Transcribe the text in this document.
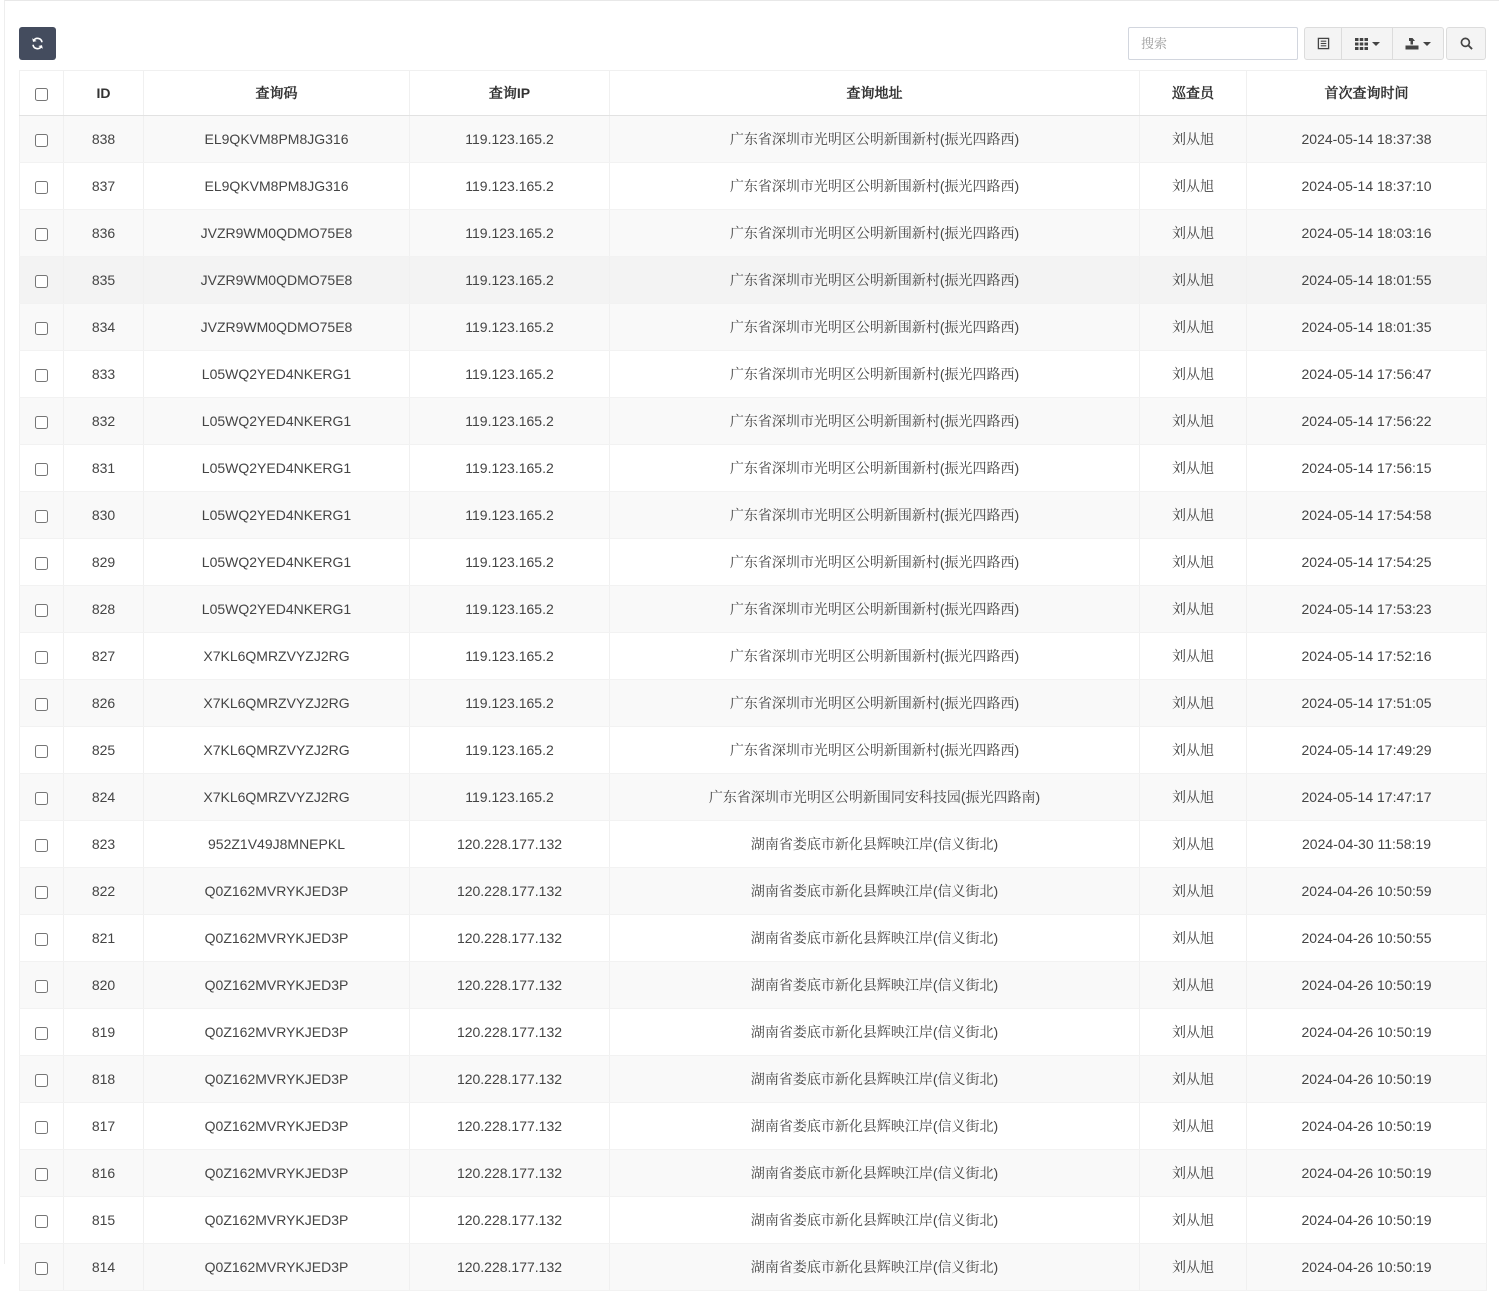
搜索
	ID	查询码	查询IP	查询地址	巡查员	首次查询时间
	838	EL9QKVM8PM8JG316	119.123.165.2	广东省深圳市光明区公明新围新村(振光四路西)	刘从旭	2024-05-14 18:37:38
	837	EL9QKVM8PM8JG316	119.123.165.2	广东省深圳市光明区公明新围新村(振光四路西)	刘从旭	2024-05-14 18:37:10
	836	JVZR9WM0QDMO75E8	119.123.165.2	广东省深圳市光明区公明新围新村(振光四路西)	刘从旭	2024-05-14 18:03:16
	835	JVZR9WM0QDMO75E8	119.123.165.2	广东省深圳市光明区公明新围新村(振光四路西)	刘从旭	2024-05-14 18:01:55
	834	JVZR9WM0QDMO75E8	119.123.165.2	广东省深圳市光明区公明新围新村(振光四路西)	刘从旭	2024-05-14 18:01:35
	833	L05WQ2YED4NKERG1	119.123.165.2	广东省深圳市光明区公明新围新村(振光四路西)	刘从旭	2024-05-14 17:56:47
	832	L05WQ2YED4NKERG1	119.123.165.2	广东省深圳市光明区公明新围新村(振光四路西)	刘从旭	2024-05-14 17:56:22
	831	L05WQ2YED4NKERG1	119.123.165.2	广东省深圳市光明区公明新围新村(振光四路西)	刘从旭	2024-05-14 17:56:15
	830	L05WQ2YED4NKERG1	119.123.165.2	广东省深圳市光明区公明新围新村(振光四路西)	刘从旭	2024-05-14 17:54:58
	829	L05WQ2YED4NKERG1	119.123.165.2	广东省深圳市光明区公明新围新村(振光四路西)	刘从旭	2024-05-14 17:54:25
	828	L05WQ2YED4NKERG1	119.123.165.2	广东省深圳市光明区公明新围新村(振光四路西)	刘从旭	2024-05-14 17:53:23
	827	X7KL6QMRZVYZJ2RG	119.123.165.2	广东省深圳市光明区公明新围新村(振光四路西)	刘从旭	2024-05-14 17:52:16
	826	X7KL6QMRZVYZJ2RG	119.123.165.2	广东省深圳市光明区公明新围新村(振光四路西)	刘从旭	2024-05-14 17:51:05
	825	X7KL6QMRZVYZJ2RG	119.123.165.2	广东省深圳市光明区公明新围新村(振光四路西)	刘从旭	2024-05-14 17:49:29
	824	X7KL6QMRZVYZJ2RG	119.123.165.2	广东省深圳市光明区公明新围同安科技园(振光四路南)	刘从旭	2024-05-14 17:47:17
	823	952Z1V49J8MNEPKL	120.228.177.132	湖南省娄底市新化县辉映江岸(信义街北)	刘从旭	2024-04-30 11:58:19
	822	Q0Z162MVRYKJED3P	120.228.177.132	湖南省娄底市新化县辉映江岸(信义街北)	刘从旭	2024-04-26 10:50:59
	821	Q0Z162MVRYKJED3P	120.228.177.132	湖南省娄底市新化县辉映江岸(信义街北)	刘从旭	2024-04-26 10:50:55
	820	Q0Z162MVRYKJED3P	120.228.177.132	湖南省娄底市新化县辉映江岸(信义街北)	刘从旭	2024-04-26 10:50:19
	819	Q0Z162MVRYKJED3P	120.228.177.132	湖南省娄底市新化县辉映江岸(信义街北)	刘从旭	2024-04-26 10:50:19
	818	Q0Z162MVRYKJED3P	120.228.177.132	湖南省娄底市新化县辉映江岸(信义街北)	刘从旭	2024-04-26 10:50:19
	817	Q0Z162MVRYKJED3P	120.228.177.132	湖南省娄底市新化县辉映江岸(信义街北)	刘从旭	2024-04-26 10:50:19
	816	Q0Z162MVRYKJED3P	120.228.177.132	湖南省娄底市新化县辉映江岸(信义街北)	刘从旭	2024-04-26 10:50:19
	815	Q0Z162MVRYKJED3P	120.228.177.132	湖南省娄底市新化县辉映江岸(信义街北)	刘从旭	2024-04-26 10:50:19
	814	Q0Z162MVRYKJED3P	120.228.177.132	湖南省娄底市新化县辉映江岸(信义街北)	刘从旭	2024-04-26 10:50:19
